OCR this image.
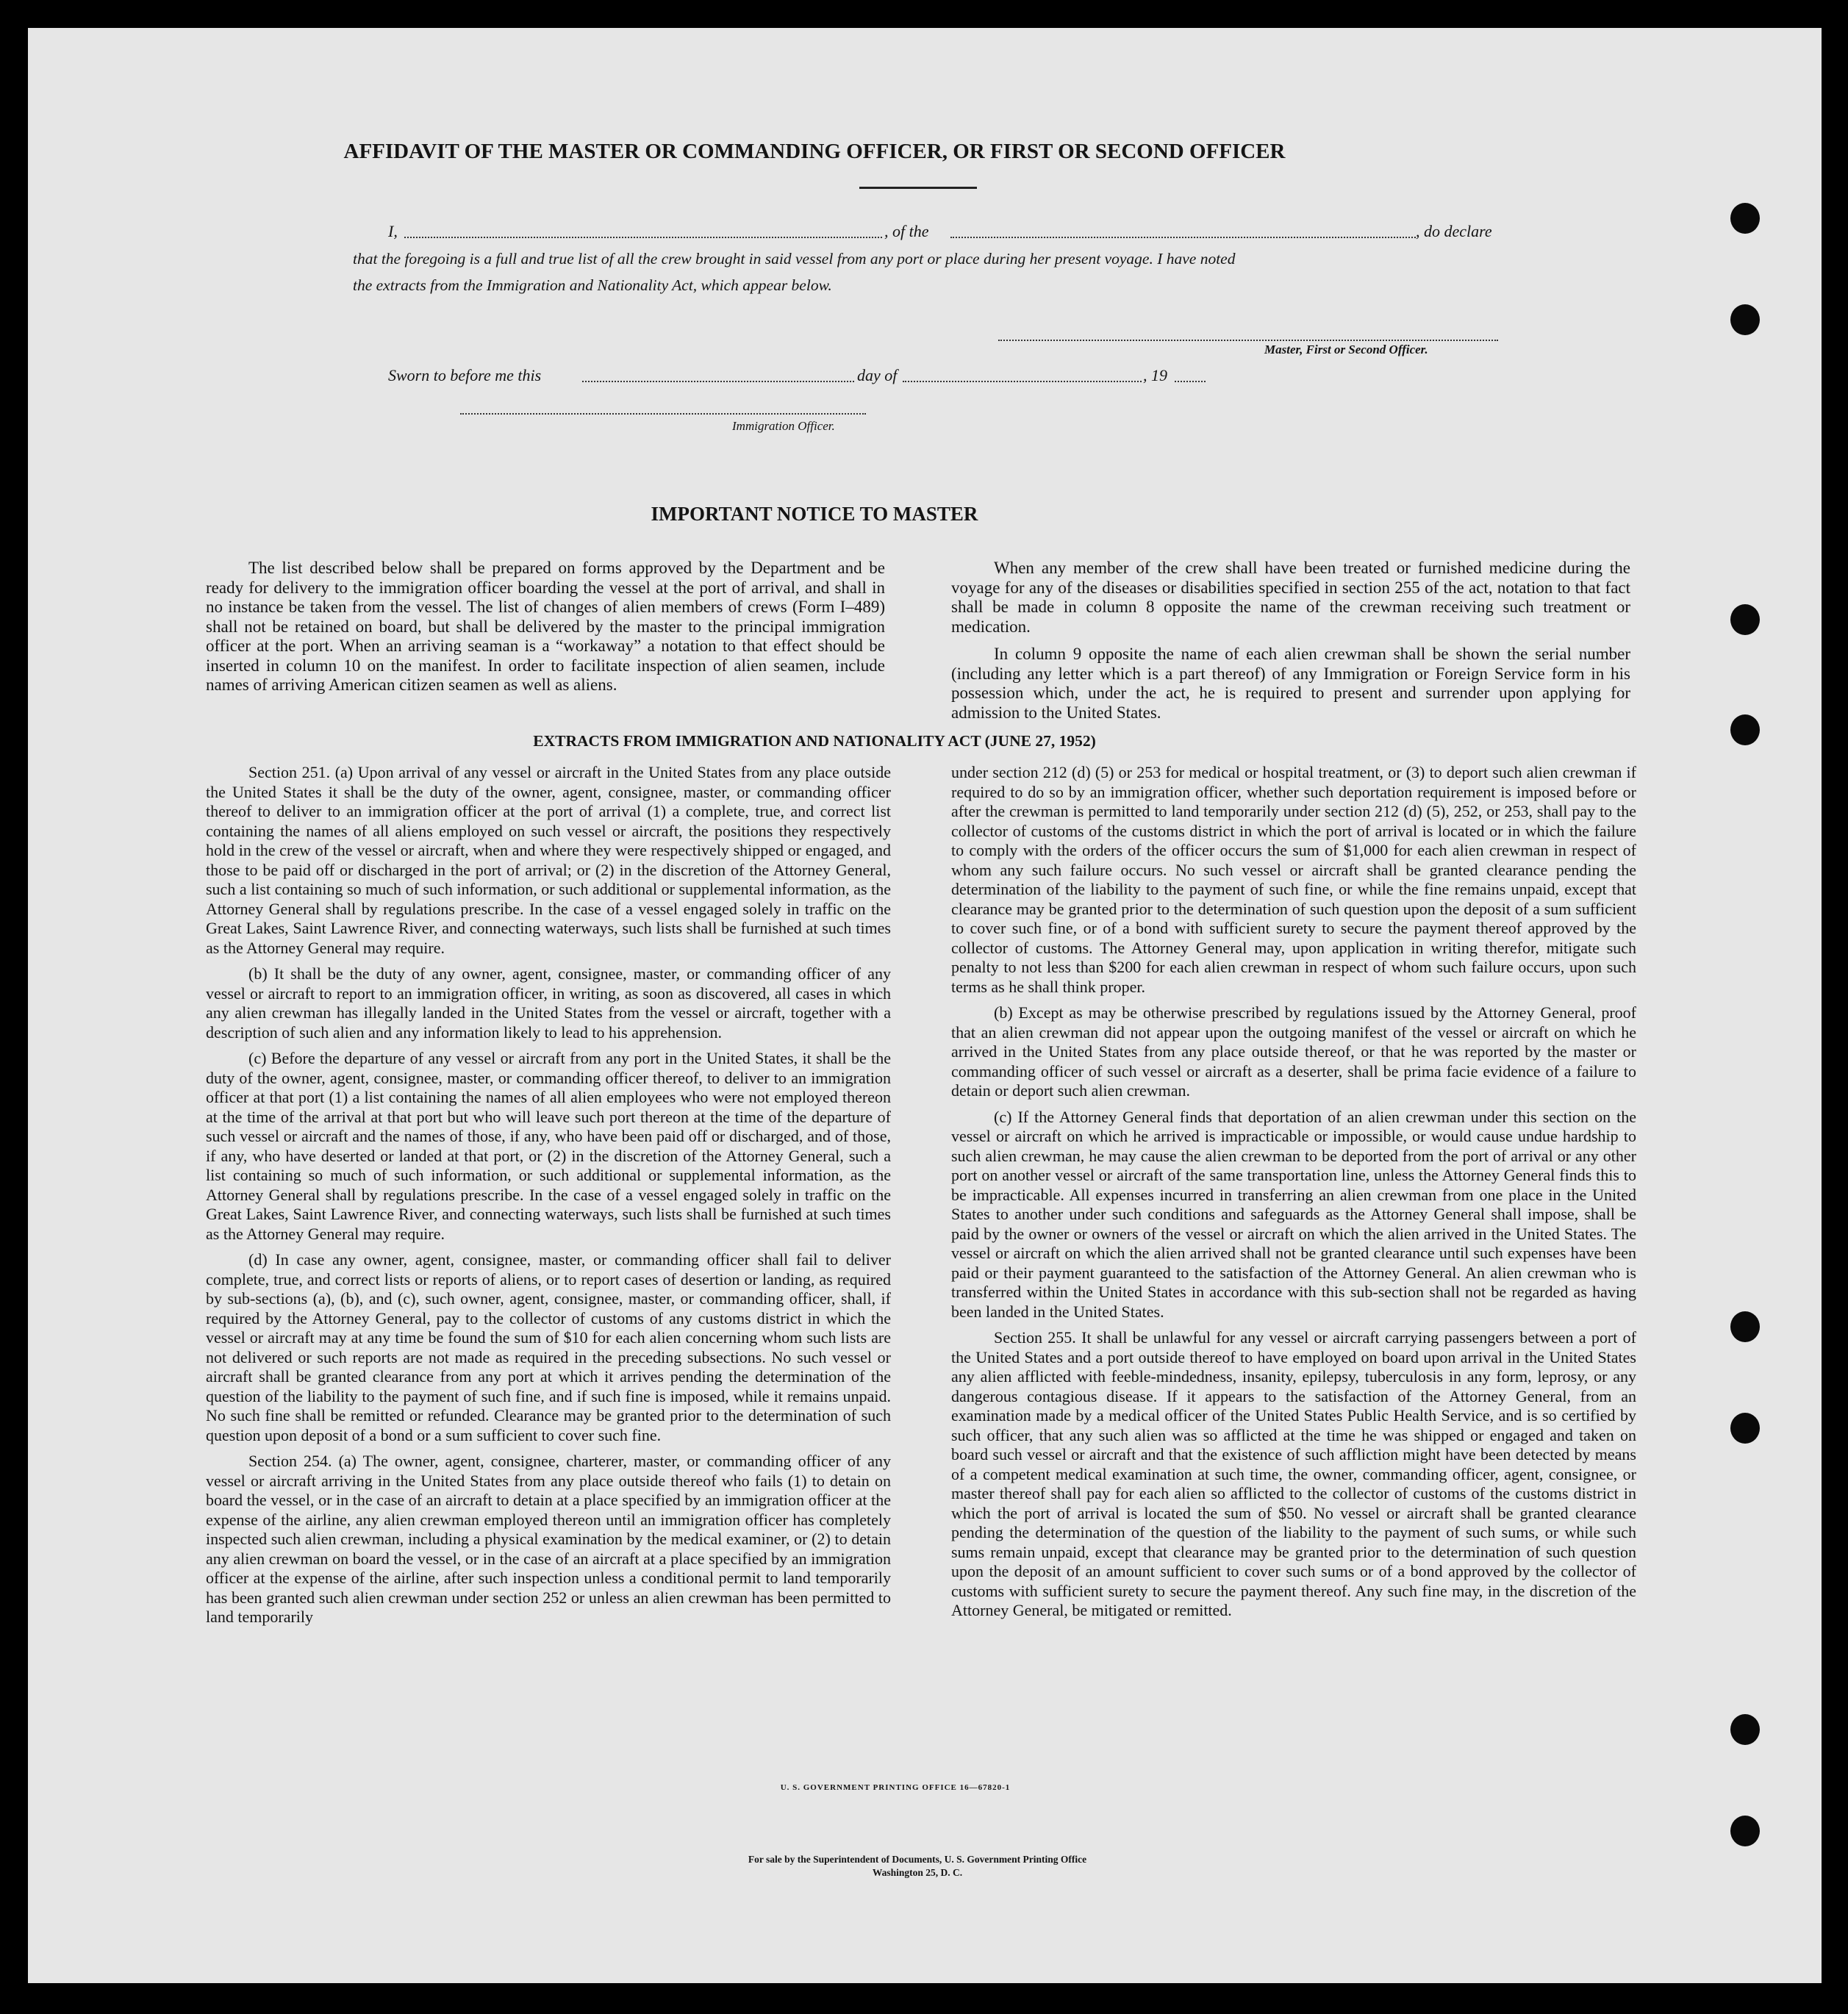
AFFIDAVIT OF THE MASTER OR COMMANDING OFFICER, OR FIRST OR SECOND OFFICER
I,	, of the	, do declare
that the foregoing is a full and true list of all the crew brought in said vessel from any port or place during her present voyage. I have noted
the extracts from the Immigration and Nationality Act, which appear below.
Master, First or Second Officer.
Sworn to before me this	day of	, 19
Immigration Officer.
IMPORTANT NOTICE TO MASTER

The list described below shall be prepared on forms approved by the Department and be ready for delivery to the immigration officer boarding the vessel at the port of arrival, and shall in no instance be taken from the vessel. The list of changes of alien members of crews (Form I–489) shall not be retained on board, but shall be delivered by the master to the principal immigration officer at the port. When an arriving seaman is a “workaway” a notation to that effect should be inserted in column 10 on the manifest. In order to facilitate inspection of alien seamen, include names of arriving American citizen seamen as well as aliens.

When any member of the crew shall have been treated or furnished medicine during the voyage for any of the diseases or disabilities specified in section 255 of the act, notation to that fact shall be made in column 8 opposite the name of the crewman receiving such treatment or medication.

In column 9 opposite the name of each alien crewman shall be shown the serial number (including any letter which is a part thereof) of any Immigration or Foreign Service form in his possession which, under the act, he is required to present and surrender upon applying for admission to the United States.

EXTRACTS FROM IMMIGRATION AND NATIONALITY ACT (JUNE 27, 1952)

Section 251. (a) Upon arrival of any vessel or aircraft in the United States from any place outside the United States it shall be the duty of the owner, agent, consignee, master, or commanding officer thereof to deliver to an immigration officer at the port of arrival (1) a complete, true, and correct list containing the names of all aliens employed on such vessel or aircraft, the positions they respectively hold in the crew of the vessel or aircraft, when and where they were respectively shipped or engaged, and those to be paid off or discharged in the port of arrival; or (2) in the discretion of the Attorney General, such a list containing so much of such information, or such additional or supplemental information, as the Attorney General shall by regulations prescribe. In the case of a vessel engaged solely in traffic on the Great Lakes, Saint Lawrence River, and connecting waterways, such lists shall be furnished at such times as the Attorney General may require.

(b) It shall be the duty of any owner, agent, consignee, master, or commanding officer of any vessel or aircraft to report to an immigration officer, in writing, as soon as discovered, all cases in which any alien crewman has illegally landed in the United States from the vessel or aircraft, together with a description of such alien and any information likely to lead to his apprehension.

(c) Before the departure of any vessel or aircraft from any port in the United States, it shall be the duty of the owner, agent, consignee, master, or commanding officer thereof, to deliver to an immigration officer at that port (1) a list containing the names of all alien employees who were not employed thereon at the time of the arrival at that port but who will leave such port thereon at the time of the departure of such vessel or aircraft and the names of those, if any, who have been paid off or discharged, and of those, if any, who have deserted or landed at that port, or (2) in the discretion of the Attorney General, such a list containing so much of such information, or such additional or supplemental information, as the Attorney General shall by regulations prescribe. In the case of a vessel engaged solely in traffic on the Great Lakes, Saint Lawrence River, and connecting waterways, such lists shall be furnished at such times as the Attorney General may require.

(d) In case any owner, agent, consignee, master, or commanding officer shall fail to deliver complete, true, and correct lists or reports of aliens, or to report cases of desertion or landing, as required by sub-sections (a), (b), and (c), such owner, agent, consignee, master, or commanding officer, shall, if required by the Attorney General, pay to the collector of customs of any customs district in which the vessel or aircraft may at any time be found the sum of $10 for each alien concerning whom such lists are not delivered or such reports are not made as required in the preceding subsections. No such vessel or aircraft shall be granted clearance from any port at which it arrives pending the determination of the question of the liability to the payment of such fine, and if such fine is imposed, while it remains unpaid. No such fine shall be remitted or refunded. Clearance may be granted prior to the determination of such question upon deposit of a bond or a sum sufficient to cover such fine.

Section 254. (a) The owner, agent, consignee, charterer, master, or commanding officer of any vessel or aircraft arriving in the United States from any place outside thereof who fails (1) to detain on board the vessel, or in the case of an aircraft to detain at a place specified by an immigration officer at the expense of the airline, any alien crewman employed thereon until an immigration officer has completely inspected such alien crewman, including a physical examination by the medical examiner, or (2) to detain any alien crewman on board the vessel, or in the case of an aircraft at a place specified by an immigration officer at the expense of the airline, after such inspection unless a conditional permit to land temporarily has been granted such alien crewman under section 252 or unless an alien crewman has been permitted to land temporarily

under section 212 (d) (5) or 253 for medical or hospital treatment, or (3) to deport such alien crewman if required to do so by an immigration officer, whether such deportation requirement is imposed before or after the crewman is permitted to land temporarily under section 212 (d) (5), 252, or 253, shall pay to the collector of customs of the customs district in which the port of arrival is located or in which the failure to comply with the orders of the officer occurs the sum of $1,000 for each alien crewman in respect of whom any such failure occurs. No such vessel or aircraft shall be granted clearance pending the determination of the liability to the payment of such fine, or while the fine remains unpaid, except that clearance may be granted prior to the determination of such question upon the deposit of a sum sufficient to cover such fine, or of a bond with sufficient surety to secure the payment thereof approved by the collector of customs. The Attorney General may, upon application in writing therefor, mitigate such penalty to not less than $200 for each alien crewman in respect of whom such failure occurs, upon such terms as he shall think proper.

(b) Except as may be otherwise prescribed by regulations issued by the Attorney General, proof that an alien crewman did not appear upon the outgoing manifest of the vessel or aircraft on which he arrived in the United States from any place outside thereof, or that he was reported by the master or commanding officer of such vessel or aircraft as a deserter, shall be prima facie evidence of a failure to detain or deport such alien crewman.

(c) If the Attorney General finds that deportation of an alien crewman under this section on the vessel or aircraft on which he arrived is impracticable or impossible, or would cause undue hardship to such alien crewman, he may cause the alien crewman to be deported from the port of arrival or any other port on another vessel or aircraft of the same transportation line, unless the Attorney General finds this to be impracticable. All expenses incurred in transferring an alien crewman from one place in the United States to another under such conditions and safeguards as the Attorney General shall impose, shall be paid by the owner or owners of the vessel or aircraft on which the alien arrived in the United States. The vessel or aircraft on which the alien arrived shall not be granted clearance until such expenses have been paid or their payment guaranteed to the satisfaction of the Attorney General. An alien crewman who is transferred within the United States in accordance with this sub-section shall not be regarded as having been landed in the United States.

Section 255. It shall be unlawful for any vessel or aircraft carrying passengers between a port of the United States and a port outside thereof to have employed on board upon arrival in the United States any alien afflicted with feeble-mindedness, insanity, epilepsy, tuberculosis in any form, leprosy, or any dangerous contagious disease. If it appears to the satisfaction of the Attorney General, from an examination made by a medical officer of the United States Public Health Service, and is so certified by such officer, that any such alien was so afflicted at the time he was shipped or engaged and taken on board such vessel or aircraft and that the existence of such affliction might have been detected by means of a competent medical examination at such time, the owner, commanding officer, agent, consignee, or master thereof shall pay for each alien so afflicted to the collector of customs of the customs district in which the port of arrival is located the sum of $50. No vessel or aircraft shall be granted clearance pending the determination of the question of the liability to the payment of such sums, or while such sums remain unpaid, except that clearance may be granted prior to the determination of such question upon the deposit of an amount sufficient to cover such sums or of a bond approved by the collector of customs with sufficient surety to secure the payment thereof. Any such fine may, in the discretion of the Attorney General, be mitigated or remitted.

U. S. GOVERNMENT PRINTING OFFICE 16—67820-1
For sale by the Superintendent of Documents, U. S. Government Printing Office
Washington 25, D. C.
